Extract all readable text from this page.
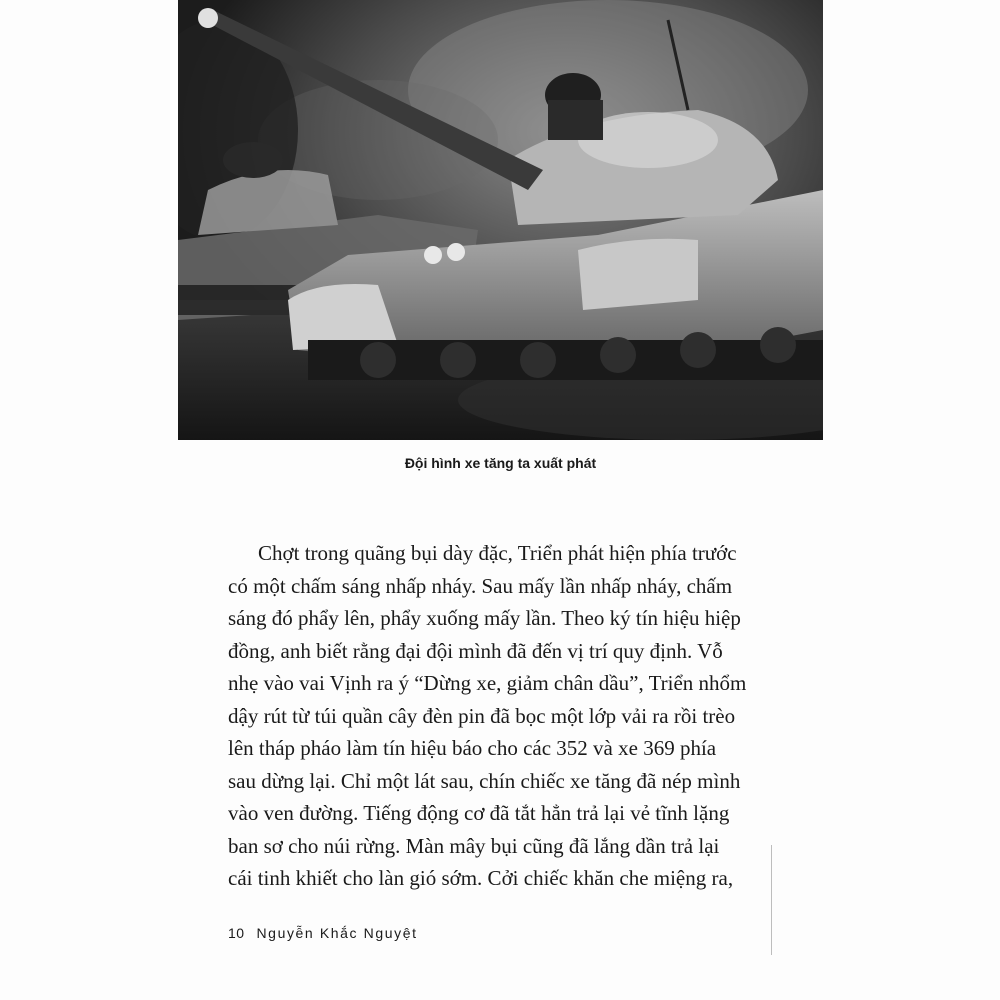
Đội hình xe tăng ta xuất phát
Chợt trong quãng bụi dày đặc, Triển phát hiện phía trước
có một chấm sáng nhấp nháy. Sau mấy lần nhấp nháy, chấm
sáng đó phẩy lên, phẩy xuống mấy lần. Theo ký tín hiệu hiệp
đồng, anh biết rằng đại đội mình đã đến vị trí quy định. Vỗ
nhẹ vào vai Vịnh ra ý “Dừng xe, giảm chân dầu”, Triển nhổm
dậy rút từ túi quần cây đèn pin đã bọc một lớp vải ra rồi trèo
lên tháp pháo làm tín hiệu báo cho các 352 và xe 369 phía
sau dừng lại. Chỉ một lát sau, chín chiếc xe tăng đã nép mình
vào ven đường. Tiếng động cơ đã tắt hẳn trả lại vẻ tĩnh lặng
ban sơ cho núi rừng. Màn mây bụi cũng đã lắng dần trả lại
cái tinh khiết cho làn gió sớm. Cởi chiếc khăn che miệng ra,
10 Nguyễn Khắc Nguyệt
